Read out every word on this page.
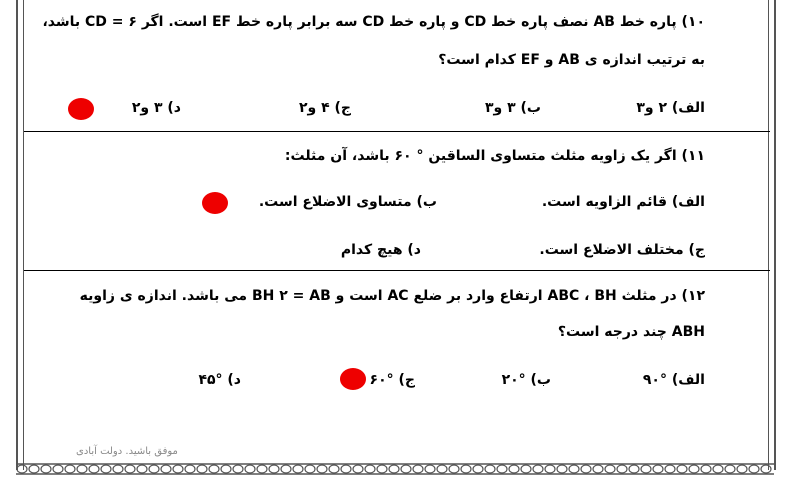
۱۰) پاره خط AB نصف پاره خط CD و پاره خط CD سه برابر پاره خط EF است. اگر ۶ = CD باشد،
به ترتیب اندازه ی AB و EF کدام است؟
الف) ۲ و۳
ب) ۳ و۳
ج) ۴ و۲
د) ۳ و۲
۱۱) اگر یک زاویه مثلث متساوی الساقین ° ۶۰ باشد، آن مثلث:
الف) قائم الزاویه است.
ب) متساوی الاضلاع است.
ج) مختلف الاضلاع است.
د) هیچ کدام
۱۲) در مثلث ABC ، BH ارتفاع وارد بر ضلع AC است و BH ۲ = AB می باشد. اندازه ی زاویه
ABH چند درجه است؟
الف) °۹۰
ب) °۲۰
ج) °۶۰
د) °۴۵
موفق باشید. دولت آبادی
